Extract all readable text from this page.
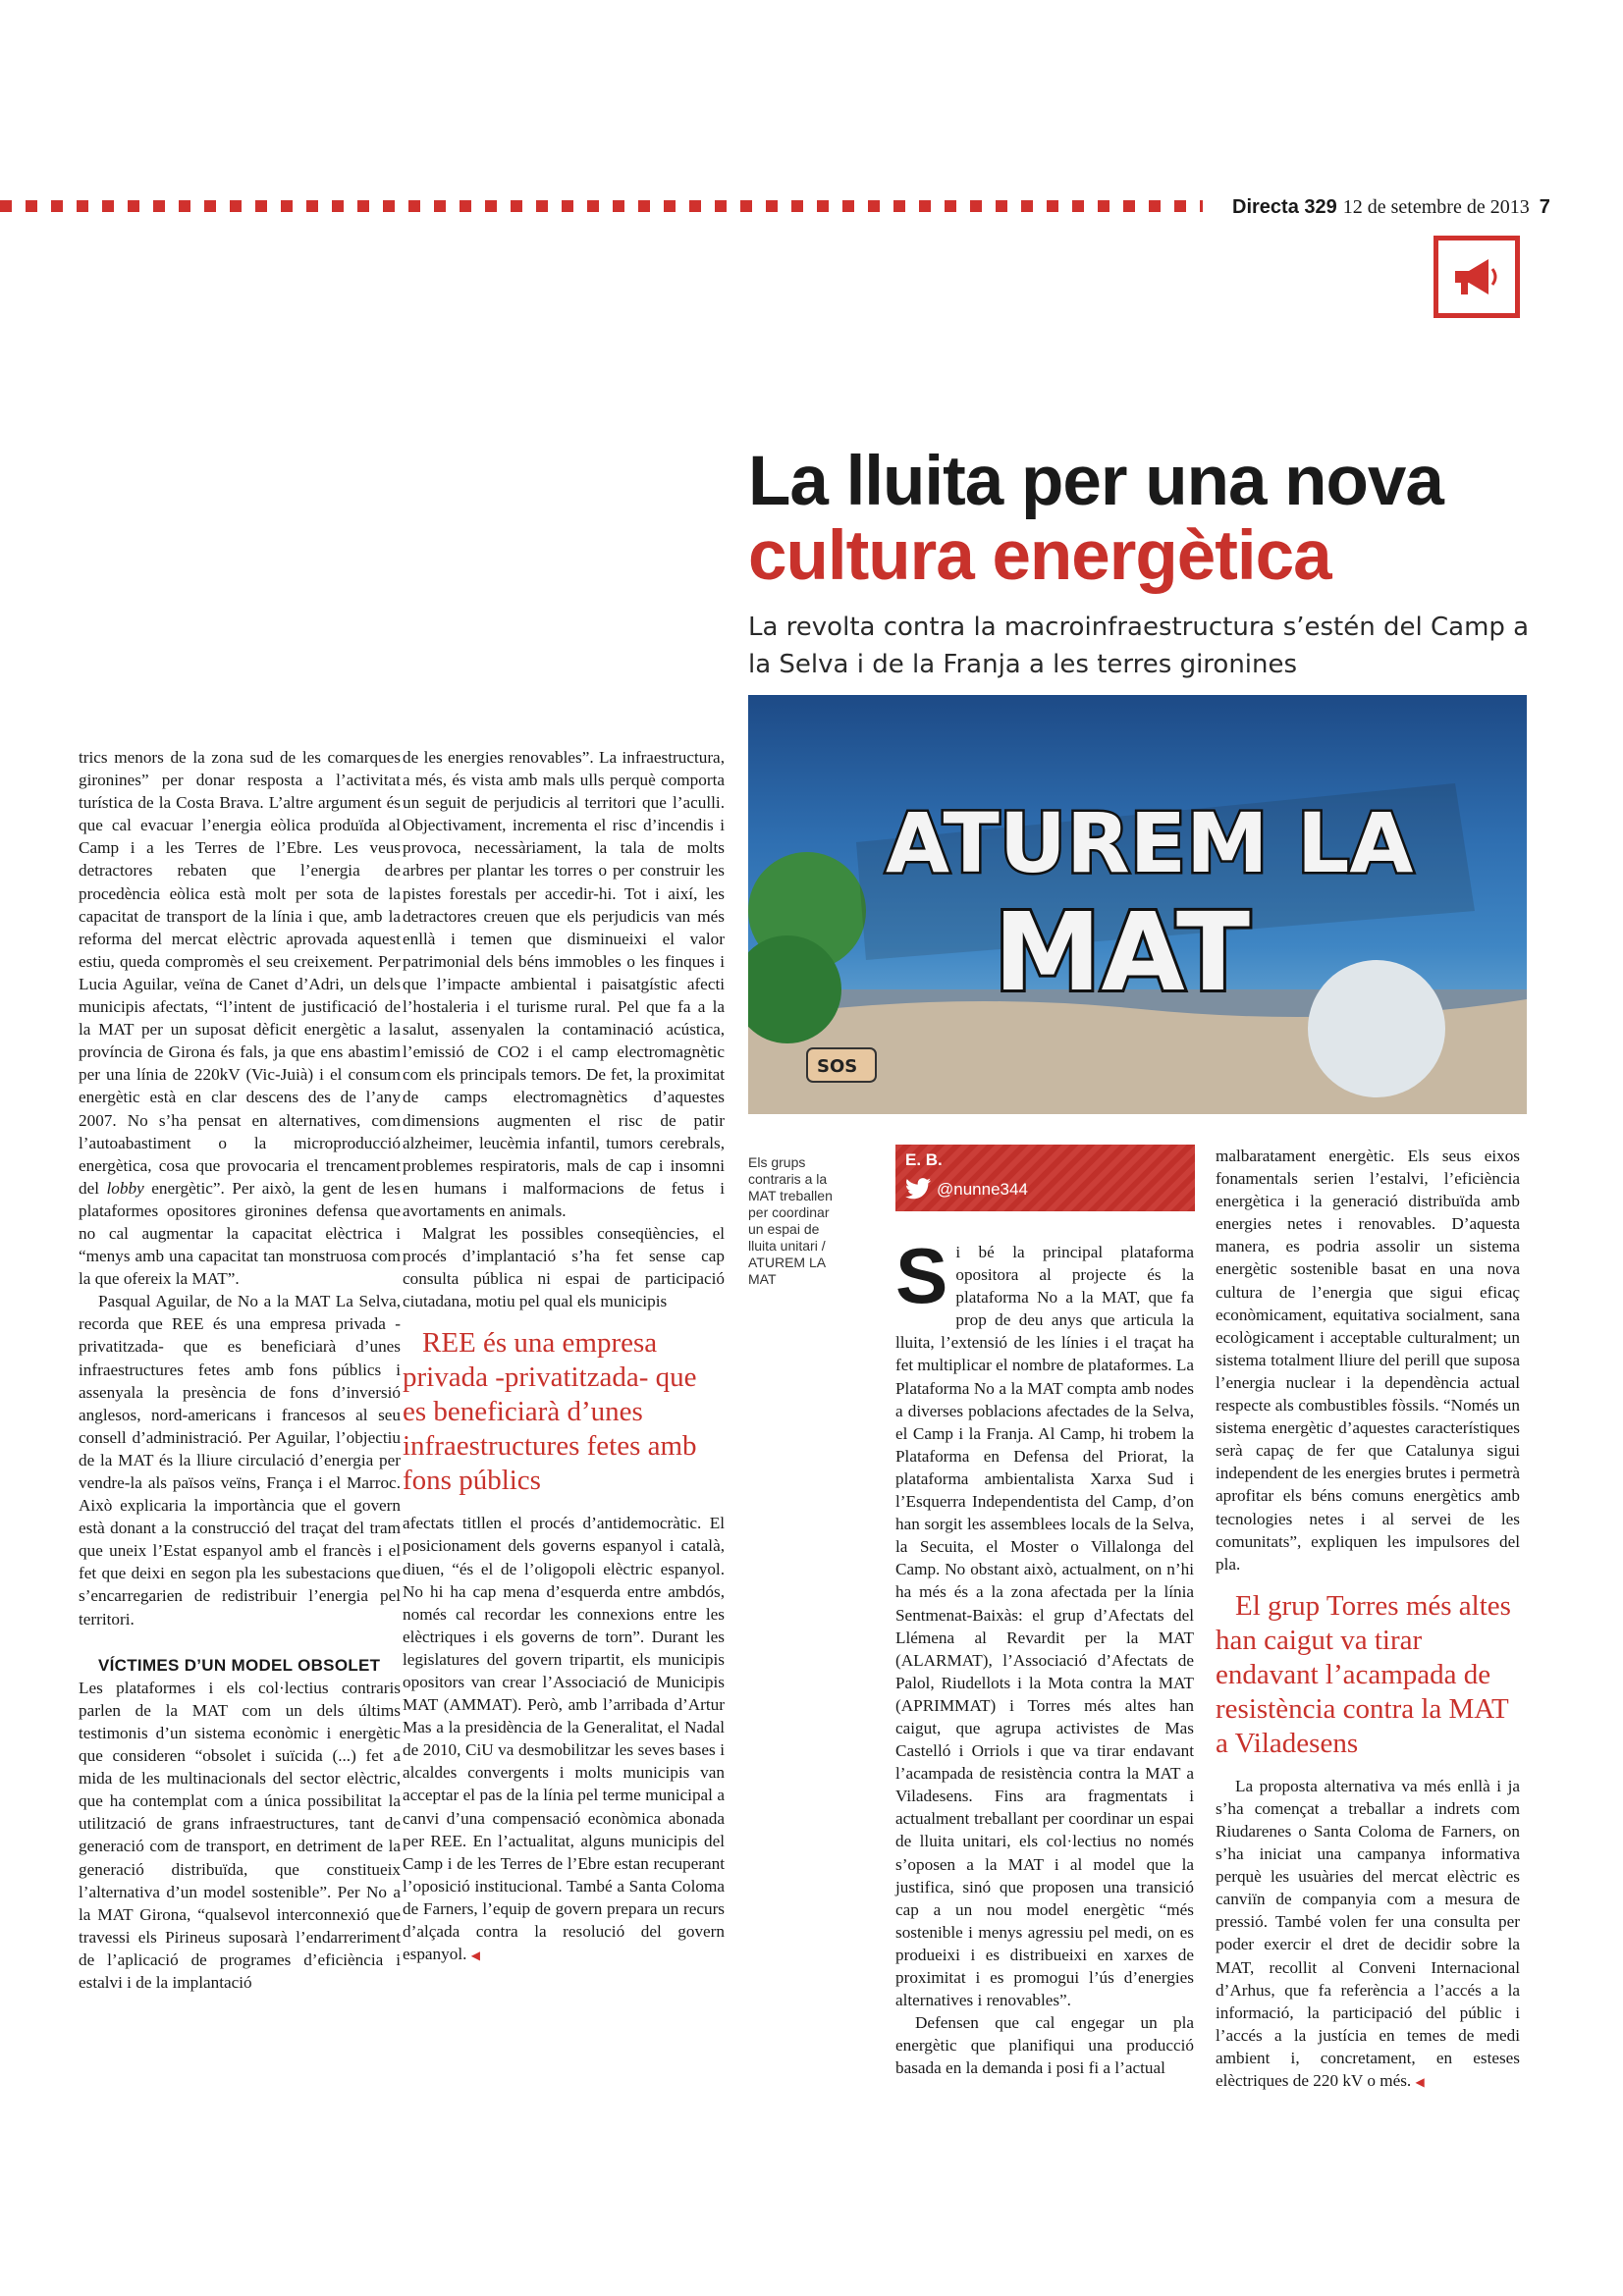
Directa 329 12 de setembre de 2013 7
La lluita per una nova
cultura energètica
La revolta contra la macroinfraestructura s’estén del Camp a la Selva i de la Franja a les terres gironines
ATUREM LA
MAT
SOS
Els grups contraris a la MAT treballen per coordinar un espai de lluita unitari / ATUREM LA MAT

trics menors de la zona sud de les comarques gironines” per donar resposta a l’activitat turística de la Costa Brava. L’altre argument és que cal evacuar l’energia eòlica produïda al Camp i a les Terres de l’Ebre. Les veus detractores rebaten que l’energia de procedència eòlica està molt per sota de la capacitat de transport de la línia i que, amb la reforma del mercat elèctric aprovada aquest estiu, queda compromès el seu creixement. Per Lucia Aguilar, veïna de Canet d’Adri, un dels municipis afectats, “l’intent de justificació de la MAT per un suposat dèficit energètic a la província de Girona és fals, ja que ens abastim per una línia de 220kV (Vic-Juià) i el consum energètic està en clar descens des de l’any 2007. No s’ha pensat en alternatives, com l’autoabastiment o la microproducció energètica, cosa que provocaria el trencament del lobby energètic”. Per això, la gent de les plataformes opositores gironines defensa que no cal augmentar la capacitat elèctrica i “menys amb una capacitat tan monstruosa com la que ofereix la MAT”.

Pasqual Aguilar, de No a la MAT La Selva, recorda que REE és una empresa privada -privatitzada- que es beneficiarà d’unes infraestructures fetes amb fons públics i assenyala la presència de fons d’inversió anglesos, nord-americans i francesos al seu consell d’administració. Per Aguilar, l’objectiu de la MAT és la lliure circulació d’energia per vendre-la als països veïns, França i el Marroc. Això explicaria la importància que el govern està donant a la construcció del traçat del tram que uneix l’Estat espanyol amb el francès i el fet que deixi en segon pla les subestacions que s’encarregarien de redistribuir l’energia pel territori.

VÍCTIMES D’UN MODEL OBSOLET

Les plataformes i els col·lectius contraris parlen de la MAT com un dels últims testimonis d’un sistema econòmic i energètic que consideren “obsolet i suïcida (...) fet a mida de les multinacionals del sector elèctric, que ha contemplat com a única possibilitat la utilització de grans infraestructures, tant de generació com de transport, en detriment de la generació distribuïda, que constitueix l’alternativa d’un model sostenible”. Per No a la MAT Girona, “qualsevol interconnexió que travessi els Pirineus suposarà l’endarreriment de l’aplicació de programes d’eficiència i estalvi i de la implantació

de les energies renovables”. La infraestructura, a més, és vista amb mals ulls perquè comporta un seguit de perjudicis al territori que l’aculli. Objectivament, incrementa el risc d’incendis i provoca, necessàriament, la tala de molts arbres per plantar les torres o per construir les pistes forestals per accedir-hi. Tot i així, les detractores creuen que els perjudicis van més enllà i temen que disminueixi el valor patrimonial dels béns immobles o les finques i que l’impacte ambiental i paisatgístic afecti l’hostaleria i el turisme rural. Pel que fa a la salut, assenyalen la contaminació acústica, l’emissió de CO2 i el camp electromagnètic com els principals temors. De fet, la proximitat de camps electromagnètics d’aquestes dimensions augmenten el risc de patir alzheimer, leucèmia infantil, tumors cerebrals, problemes respiratoris, mals de cap i insomni en humans i malformacions de fetus i avortaments en animals.

Malgrat les possibles conseqüències, el procés d’implantació s’ha fet sense cap consulta pública ni espai de participació ciutadana, motiu pel qual els municipis

REE és una empresa privada -privatitzada- que es beneficiarà d’unes infraestructures fetes amb fons públics

afectats titllen el procés d’antidemocràtic. El posicionament dels governs espanyol i català, diuen, “és el de l’oligopoli elèctric espanyol. No hi ha cap mena d’esquerda entre ambdós, només cal recordar les connexions entre les elèctriques i els governs de torn”. Durant les legislatures del govern tripartit, els municipis opositors van crear l’Associació de Municipis MAT (AMMAT). Però, amb l’arribada d’Artur Mas a la presidència de la Generalitat, el Nadal de 2010, CiU va desmobilitzar les seves bases i alcaldes convergents i molts municipis van acceptar el pas de la línia pel terme municipal a canvi d’una compensació econòmica abonada per REE. En l’actualitat, alguns municipis del Camp i de les Terres de l’Ebre estan recuperant l’oposició institucional. També a Santa Coloma de Farners, l’equip de govern prepara un recurs d’alçada contra la resolució del govern espanyol. ◀

E. B.
@nunne344

Si bé la principal plataforma opositora al projecte és la plataforma No a la MAT, que fa prop de deu anys que articula la lluita, l’extensió de les línies i el traçat ha fet multiplicar el nombre de plataformes. La Plataforma No a la MAT compta amb nodes a diverses poblacions afectades de la Selva, el Camp i la Franja. Al Camp, hi trobem la Plataforma en Defensa del Priorat, la plataforma ambientalista Xarxa Sud i l’Esquerra Independentista del Camp, d’on han sorgit les assemblees locals de la Selva, la Secuita, el Moster o Villalonga del Camp. No obstant això, actualment, on n’hi ha més és a la zona afectada per la línia Sentmenat-Baixàs: el grup d’Afectats del Llémena al Revardit per la MAT (ALARMAT), l’Associació d’Afectats de Palol, Riudellots i la Mota contra la MAT (APRIMMAT) i Torres més altes han caigut, que agrupa activistes de Mas Castelló i Orriols i que va tirar endavant l’acampada de resistència contra la MAT a Viladesens. Fins ara fragmentats i actualment treballant per coordinar un espai de lluita unitari, els col·lectius no només s’oposen a la MAT i al model que la justifica, sinó que proposen una transició cap a un nou model energètic “més sostenible i menys agressiu pel medi, on es produeixi i es distribueixi en xarxes de proximitat i es promogui l’ús d’energies alternatives i renovables”.

Defensen que cal engegar un pla energètic que planifiqui una producció basada en la demanda i posi fi a l’actual

malbaratament energètic. Els seus eixos fonamentals serien l’estalvi, l’eficiència energètica i la generació distribuïda amb energies netes i renovables. D’aquesta manera, es podria assolir un sistema energètic sostenible basat en una nova cultura de l’energia que sigui eficaç econòmicament, equitativa socialment, sana ecològicament i acceptable culturalment; un sistema totalment lliure del perill que suposa l’energia nuclear i la dependència actual respecte als combustibles fòssils. “Només un sistema energètic d’aquestes característiques serà capaç de fer que Catalunya sigui independent de les energies brutes i permetrà aprofitar els béns comuns energètics amb tecnologies netes i al servei de les comunitats”, expliquen les impulsores del pla.

El grup Torres més altes han caigut va tirar endavant l’acampada de resistència contra la MAT a Viladesens

La proposta alternativa va més enllà i ja s’ha començat a treballar a indrets com Riudarenes o Santa Coloma de Farners, on s’ha iniciat una campanya informativa perquè les usuàries del mercat elèctric es canviïn de companyia com a mesura de pressió. També volen fer una consulta per poder exercir el dret de decidir sobre la MAT, recollit al Conveni Internacional d’Arhus, que fa referència a l’accés a la informació, la participació del públic i l’accés a la justícia en temes de medi ambient i, concretament, en esteses elèctriques de 220 kV o més. ◀
